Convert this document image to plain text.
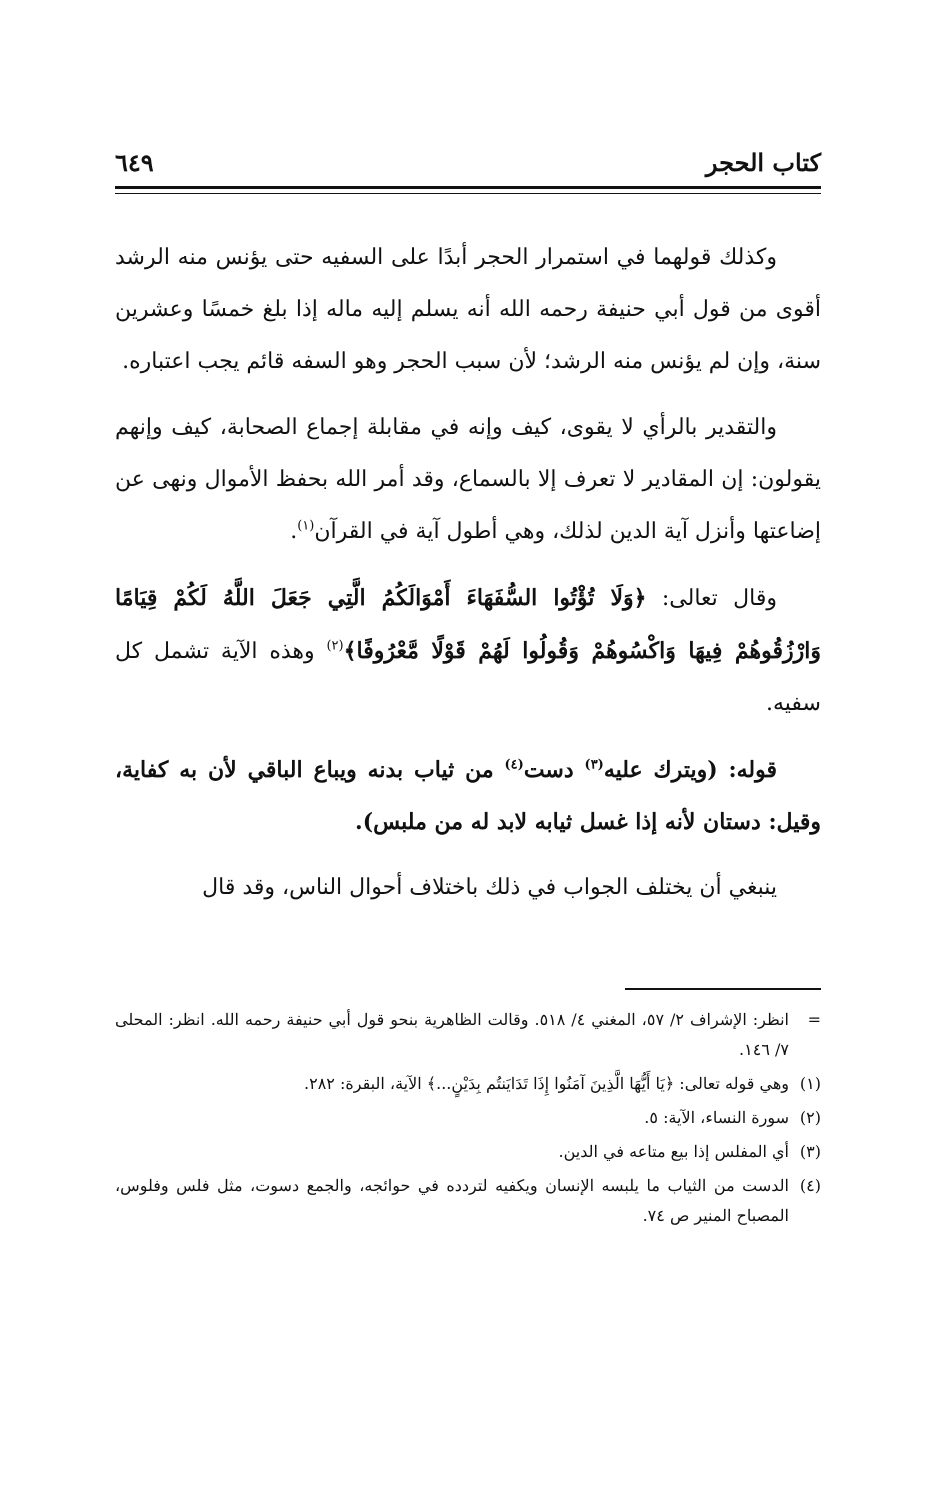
٦٤٩	كتاب الحجر

وكذلك قولهما في استمرار الحجر أبدًا على السفيه حتى يؤنس منه الرشد أقوى من قول أبي حنيفة رحمه الله أنه يسلم إليه ماله إذا بلغ خمسًا وعشرين سنة، وإن لم يؤنس منه الرشد؛ لأن سبب الحجر وهو السفه قائم يجب اعتباره.

والتقدير بالرأي لا يقوى، كيف وإنه في مقابلة إجماع الصحابة، كيف وإنهم يقولون: إن المقادير لا تعرف إلا بالسماع، وقد أمر الله بحفظ الأموال ونهى عن إضاعتها وأنزل آية الدين لذلك، وهي أطول آية في القرآن$^{(١)}$.

وقال تعالى: ﴿وَلَا تُؤْتُوا السُّفَهَاءَ أَمْوَالَكُمُ الَّتِي جَعَلَ اللَّهُ لَكُمْ قِيَامًا وَارْزُقُوهُمْ فِيهَا وَاكْسُوهُمْ وَقُولُوا لَهُمْ قَوْلًا مَّعْرُوفًا﴾$^{(٢)}$ وهذه الآية تشمل كل سفيه.

قوله: (ويترك عليه$^{(٣)}$ دست$^{(٤)}$ من ثياب بدنه ويباع الباقي لأن به كفاية، وقيل: دستان لأنه إذا غسل ثيابه لابد له من ملبس).

ينبغي أن يختلف الجواب في ذلك باختلاف أحوال الناس، وقد قال

=
انظر: الإشراف ٢/ ٥٧، المغني ٤/ ٥١٨. وقالت الظاهرية بنحو قول أبي حنيفة رحمه الله. انظر: المحلى ٧/ ١٤٦.
(١)
وهي قوله تعالى: ﴿يَا أَيُّهَا الَّذِينَ آمَنُوا إِذَا تَدَايَنتُم بِدَيْنٍ...﴾ الآية، البقرة: ٢٨٢.
(٢)
سورة النساء، الآية: ٥.
(٣)
أي المفلس إذا بيع متاعه في الدين.
(٤)
الدست من الثياب ما يلبسه الإنسان ويكفيه لتردده في حوائجه، والجمع دسوت، مثل فلس وفلوس، المصباح المنير ص ٧٤.
